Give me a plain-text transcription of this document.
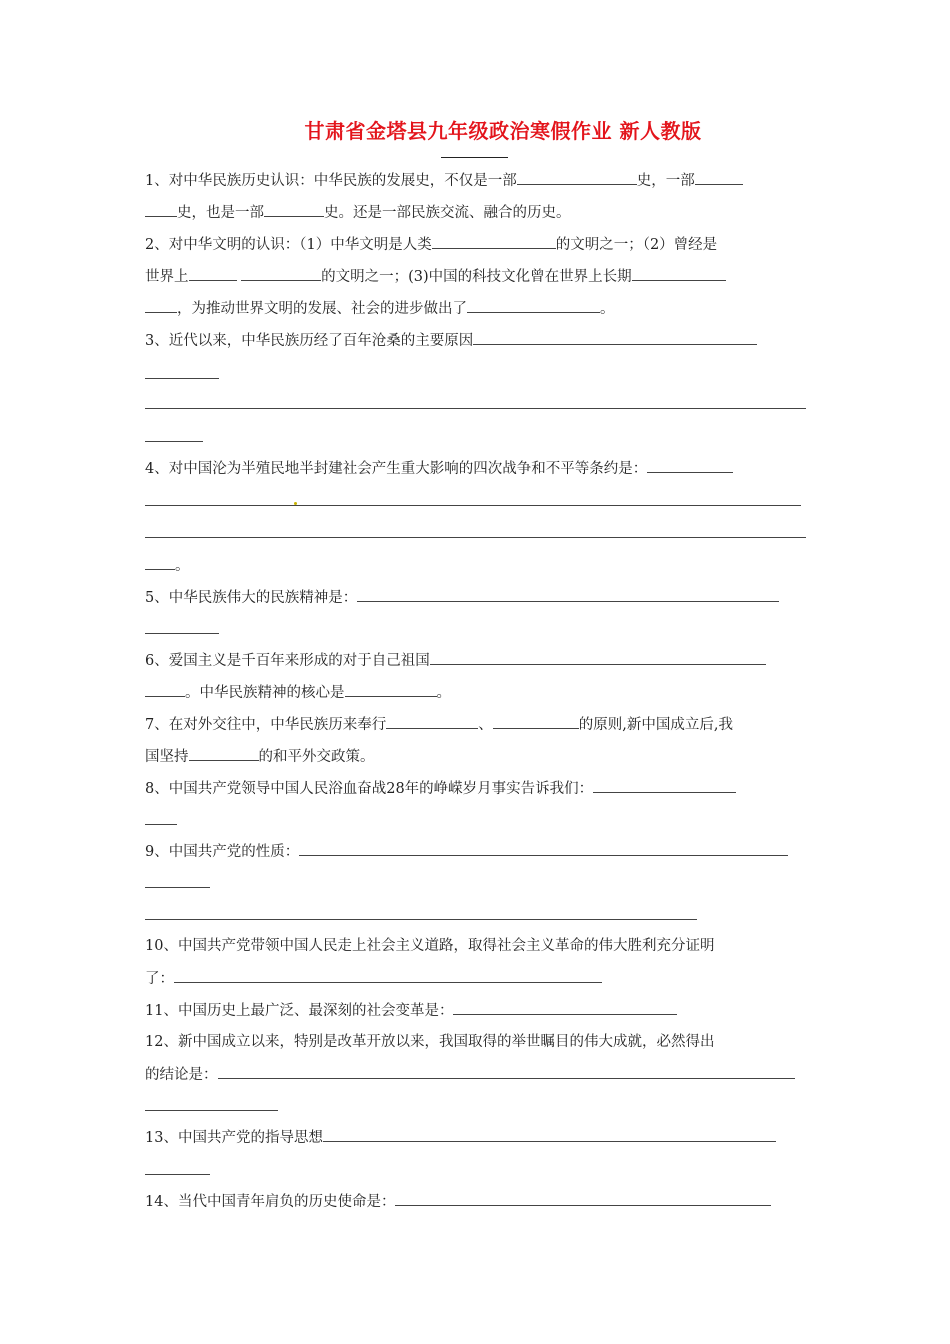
甘肃省金塔县九年级政治寒假作业 新人教版
1、对中华民族历史认识：中华民族的发展史，不仅是一部	史，一部
史，也是一部	史。还是一部民族交流、融合的历史。
2、对中华文明的认识：（1）中华文明是人类	的文明之一；（2）曾经是
世界上	的文明之一；(3)中国的科技文化曾在世界上长期
，为推动世界文明的发展、社会的进步做出了	。
3、近代以来，中华民族历经了百年沧桑的主要原因
4、对中国沦为半殖民地半封建社会产生重大影响的四次战争和不平等条约是：
。
5、中华民族伟大的民族精神是：
6、爱国主义是千百年来形成的对于自己祖国
。中华民族精神的核心是	。
7、在对外交往中，中华民族历来奉行	、	的原则,新中国成立后,我
国坚持	的和平外交政策。
8、中国共产党领导中国人民浴血奋战28年的峥嵘岁月事实告诉我们：
9、中国共产党的性质：
10、中国共产党带领中国人民走上社会主义道路，取得社会主义革命的伟大胜利充分证明
了：
11、中国历史上最广泛、最深刻的社会变革是：
12、新中国成立以来，特别是改革开放以来，我国取得的举世瞩目的伟大成就，必然得出
的结论是：
13、中国共产党的指导思想
14、当代中国青年肩负的历史使命是：
